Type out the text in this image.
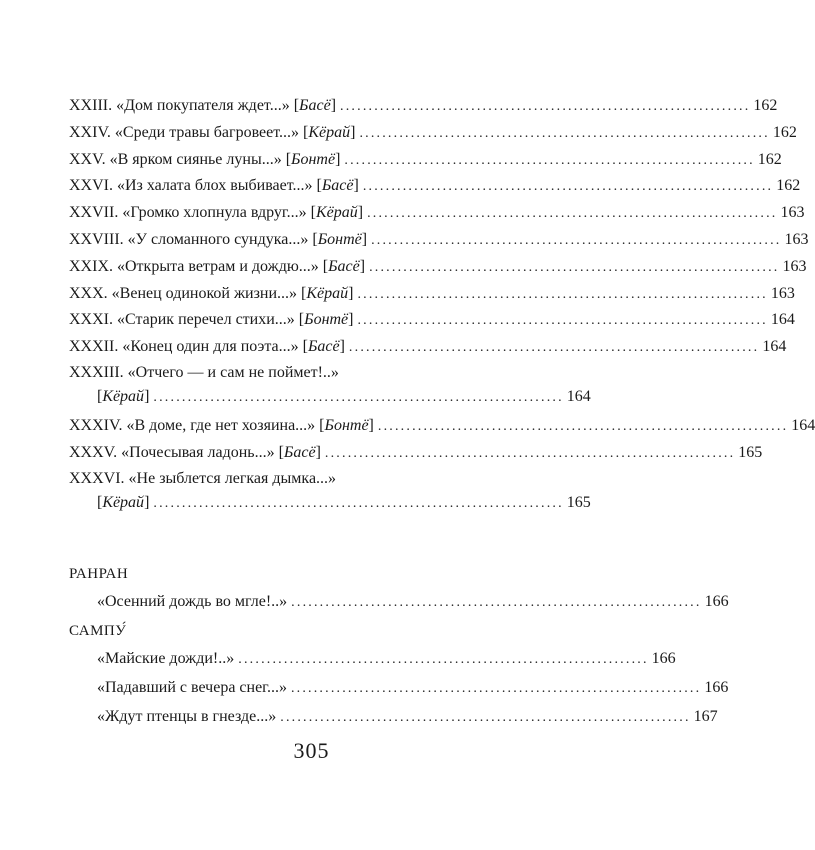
XXIII. «Дом покупателя ждет...» [Басё] ........................................................................ 162
XXIV. «Среди травы багровеет...» [Кёрай] ........................................................................ 162
XXV. «В ярком сиянье луны...» [Бонтё] ........................................................................ 162
XXVI. «Из халата блох выбивает...» [Басё] ........................................................................ 162
XXVII. «Громко хлопнула вдруг...» [Кёрай] ........................................................................ 163
XXVIII. «У сломанного сундука...» [Бонтё] ........................................................................ 163
XXIX. «Открыта ветрам и дождю...» [Басё] ........................................................................ 163
XXX. «Венец одинокой жизни...» [Кёрай] ........................................................................ 163
XXXI. «Старик перечел стихи...» [Бонтё] ........................................................................ 164
XXXII. «Конец один для поэта...» [Басё] ........................................................................ 164
XXXIII. «Отчего — и сам не поймет!..»
[Кёрай] ........................................................................ 164
XXXIV. «В доме, где нет хозяина...» [Бонтё] ........................................................................ 164
XXXV. «Почесывая ладонь...» [Басё] ........................................................................ 165
XXXVI. «Не зыблется легкая дымка...»
[Кёрай] ........................................................................ 165
РАНРАН
«Осенний дождь во мгле!..» ........................................................................ 166
САМПУ́
«Майские дожди!..» ........................................................................ 166
«Падавший с вечера снег...» ........................................................................ 166
«Ждут птенцы в гнезде...» ........................................................................ 167
305
